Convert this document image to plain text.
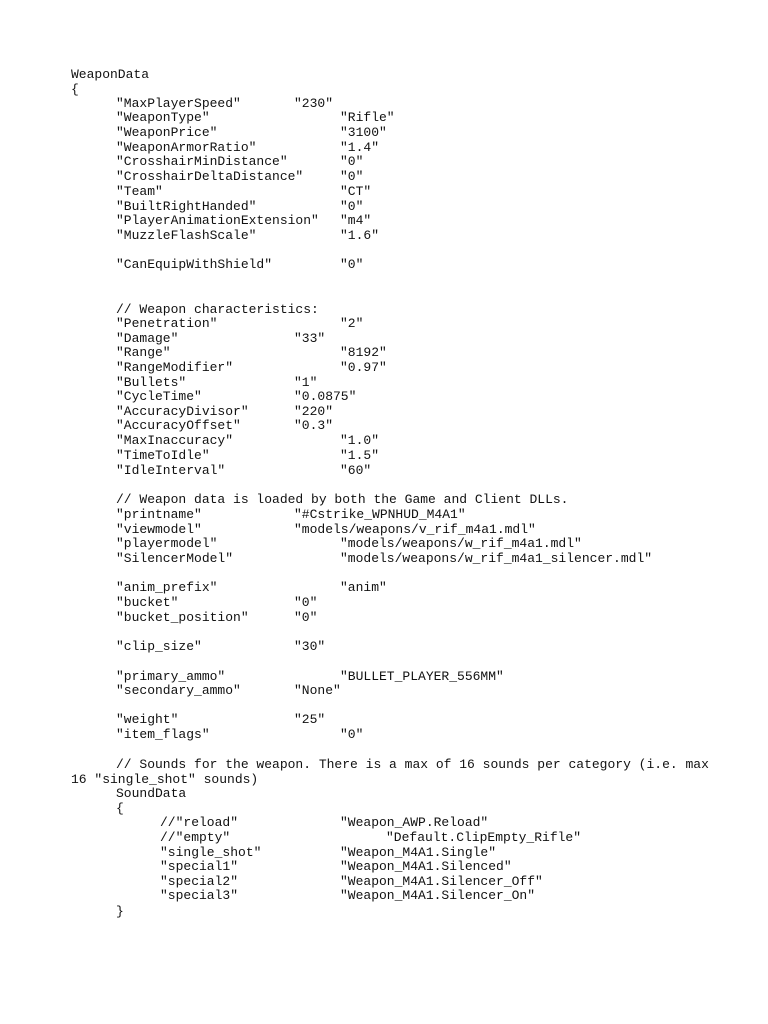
WeaponData
{
"MaxPlayerSpeed"	"230"
"WeaponType"	"Rifle"
"WeaponPrice"	"3100"
"WeaponArmorRatio"	"1.4"
"CrosshairMinDistance"	"0"
"CrosshairDeltaDistance"	"0"
"Team"	"CT"
"BuiltRightHanded"	"0"
"PlayerAnimationExtension" "m4"
"MuzzleFlashScale"	"1.6"
"CanEquipWithShield"	"0"
// Weapon characteristics:
"Penetration"	"2"
"Damage"	"33"
"Range"	"8192"
"RangeModifier"	"0.97"
"Bullets"	"1"
"CycleTime"	"0.0875"
"AccuracyDivisor"	"220"
"AccuracyOffset"	"0.3"
"MaxInaccuracy"	"1.0"
"TimeToIdle"	"1.5"
"IdleInterval"	"60"
// Weapon data is loaded by both the Game and Client DLLs.
"printname"	"#Cstrike_WPNHUD_M4A1"
"viewmodel"	"models/weapons/v_rif_m4a1.mdl"
"playermodel"	"models/weapons/w_rif_m4a1.mdl"
"SilencerModel"	"models/weapons/w_rif_m4a1_silencer.mdl"
"anim_prefix"	"anim"
"bucket"	"0"
"bucket_position"	"0"
"clip_size"	"30"
"primary_ammo"	"BULLET_PLAYER_556MM"
"secondary_ammo"	"None"
"weight"	"25"
"item_flags"	"0"
// Sounds for the weapon. There is a max of 16 sounds per category (i.e. max
16 "single_shot" sounds)
SoundData
{
//"reload"	"Weapon_AWP.Reload"
//"empty"	"Default.ClipEmpty_Rifle"
"single_shot"	"Weapon_M4A1.Single"
"special1"	"Weapon_M4A1.Silenced"
"special2"	"Weapon_M4A1.Silencer_Off"
"special3"	"Weapon_M4A1.Silencer_On"
}
